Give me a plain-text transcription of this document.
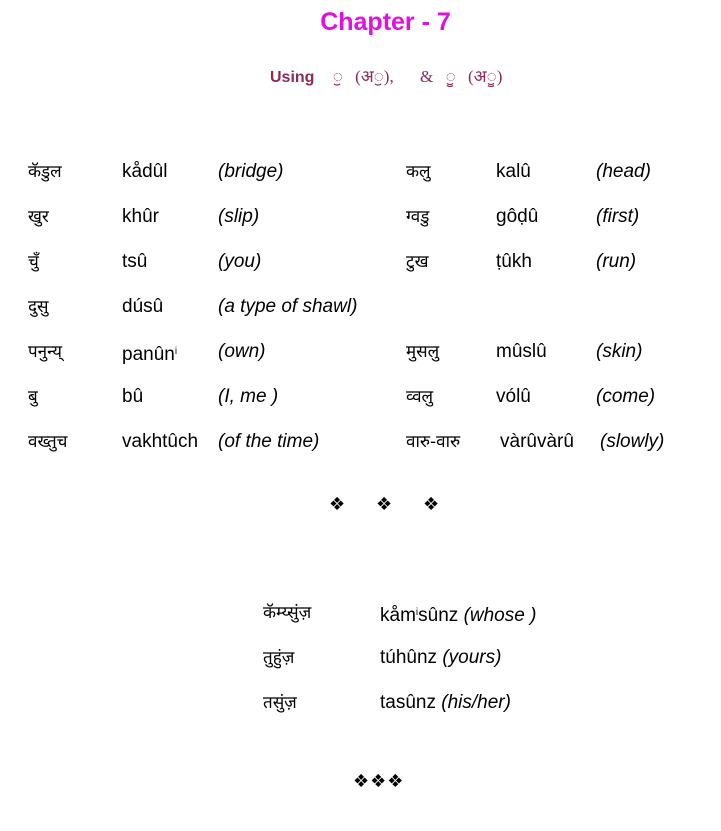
Chapter - 7
Using ॖ (अॖ), & (अॗ)
कॅडुल	kådûl	(bridge)	कलु	kalû	(head)
खुर	khûr	(slip)	ग्वडु	gôḍû	(first)
चुँ	tsû	(you)	टुख	ṭûkh	(run)
दुसु	dúsû	(a type of shawl)
पनुन्य्	panûn$^i$ (own)	मुसलु	mûslû	(skin)
बु	bû	(I, me )	व्वलु	vólû	(come)
वख्तुच	vakhtûch (of the time)	वारु-वारु vàrûvàrû (slowly)
❖ ❖ ❖
कॅम्य्सुंज़	kåm$^i$sûnz (whose )
तुहुंज़	túhûnz (yours)
तसुंज़	tasûnz (his/her)
❖❖❖
